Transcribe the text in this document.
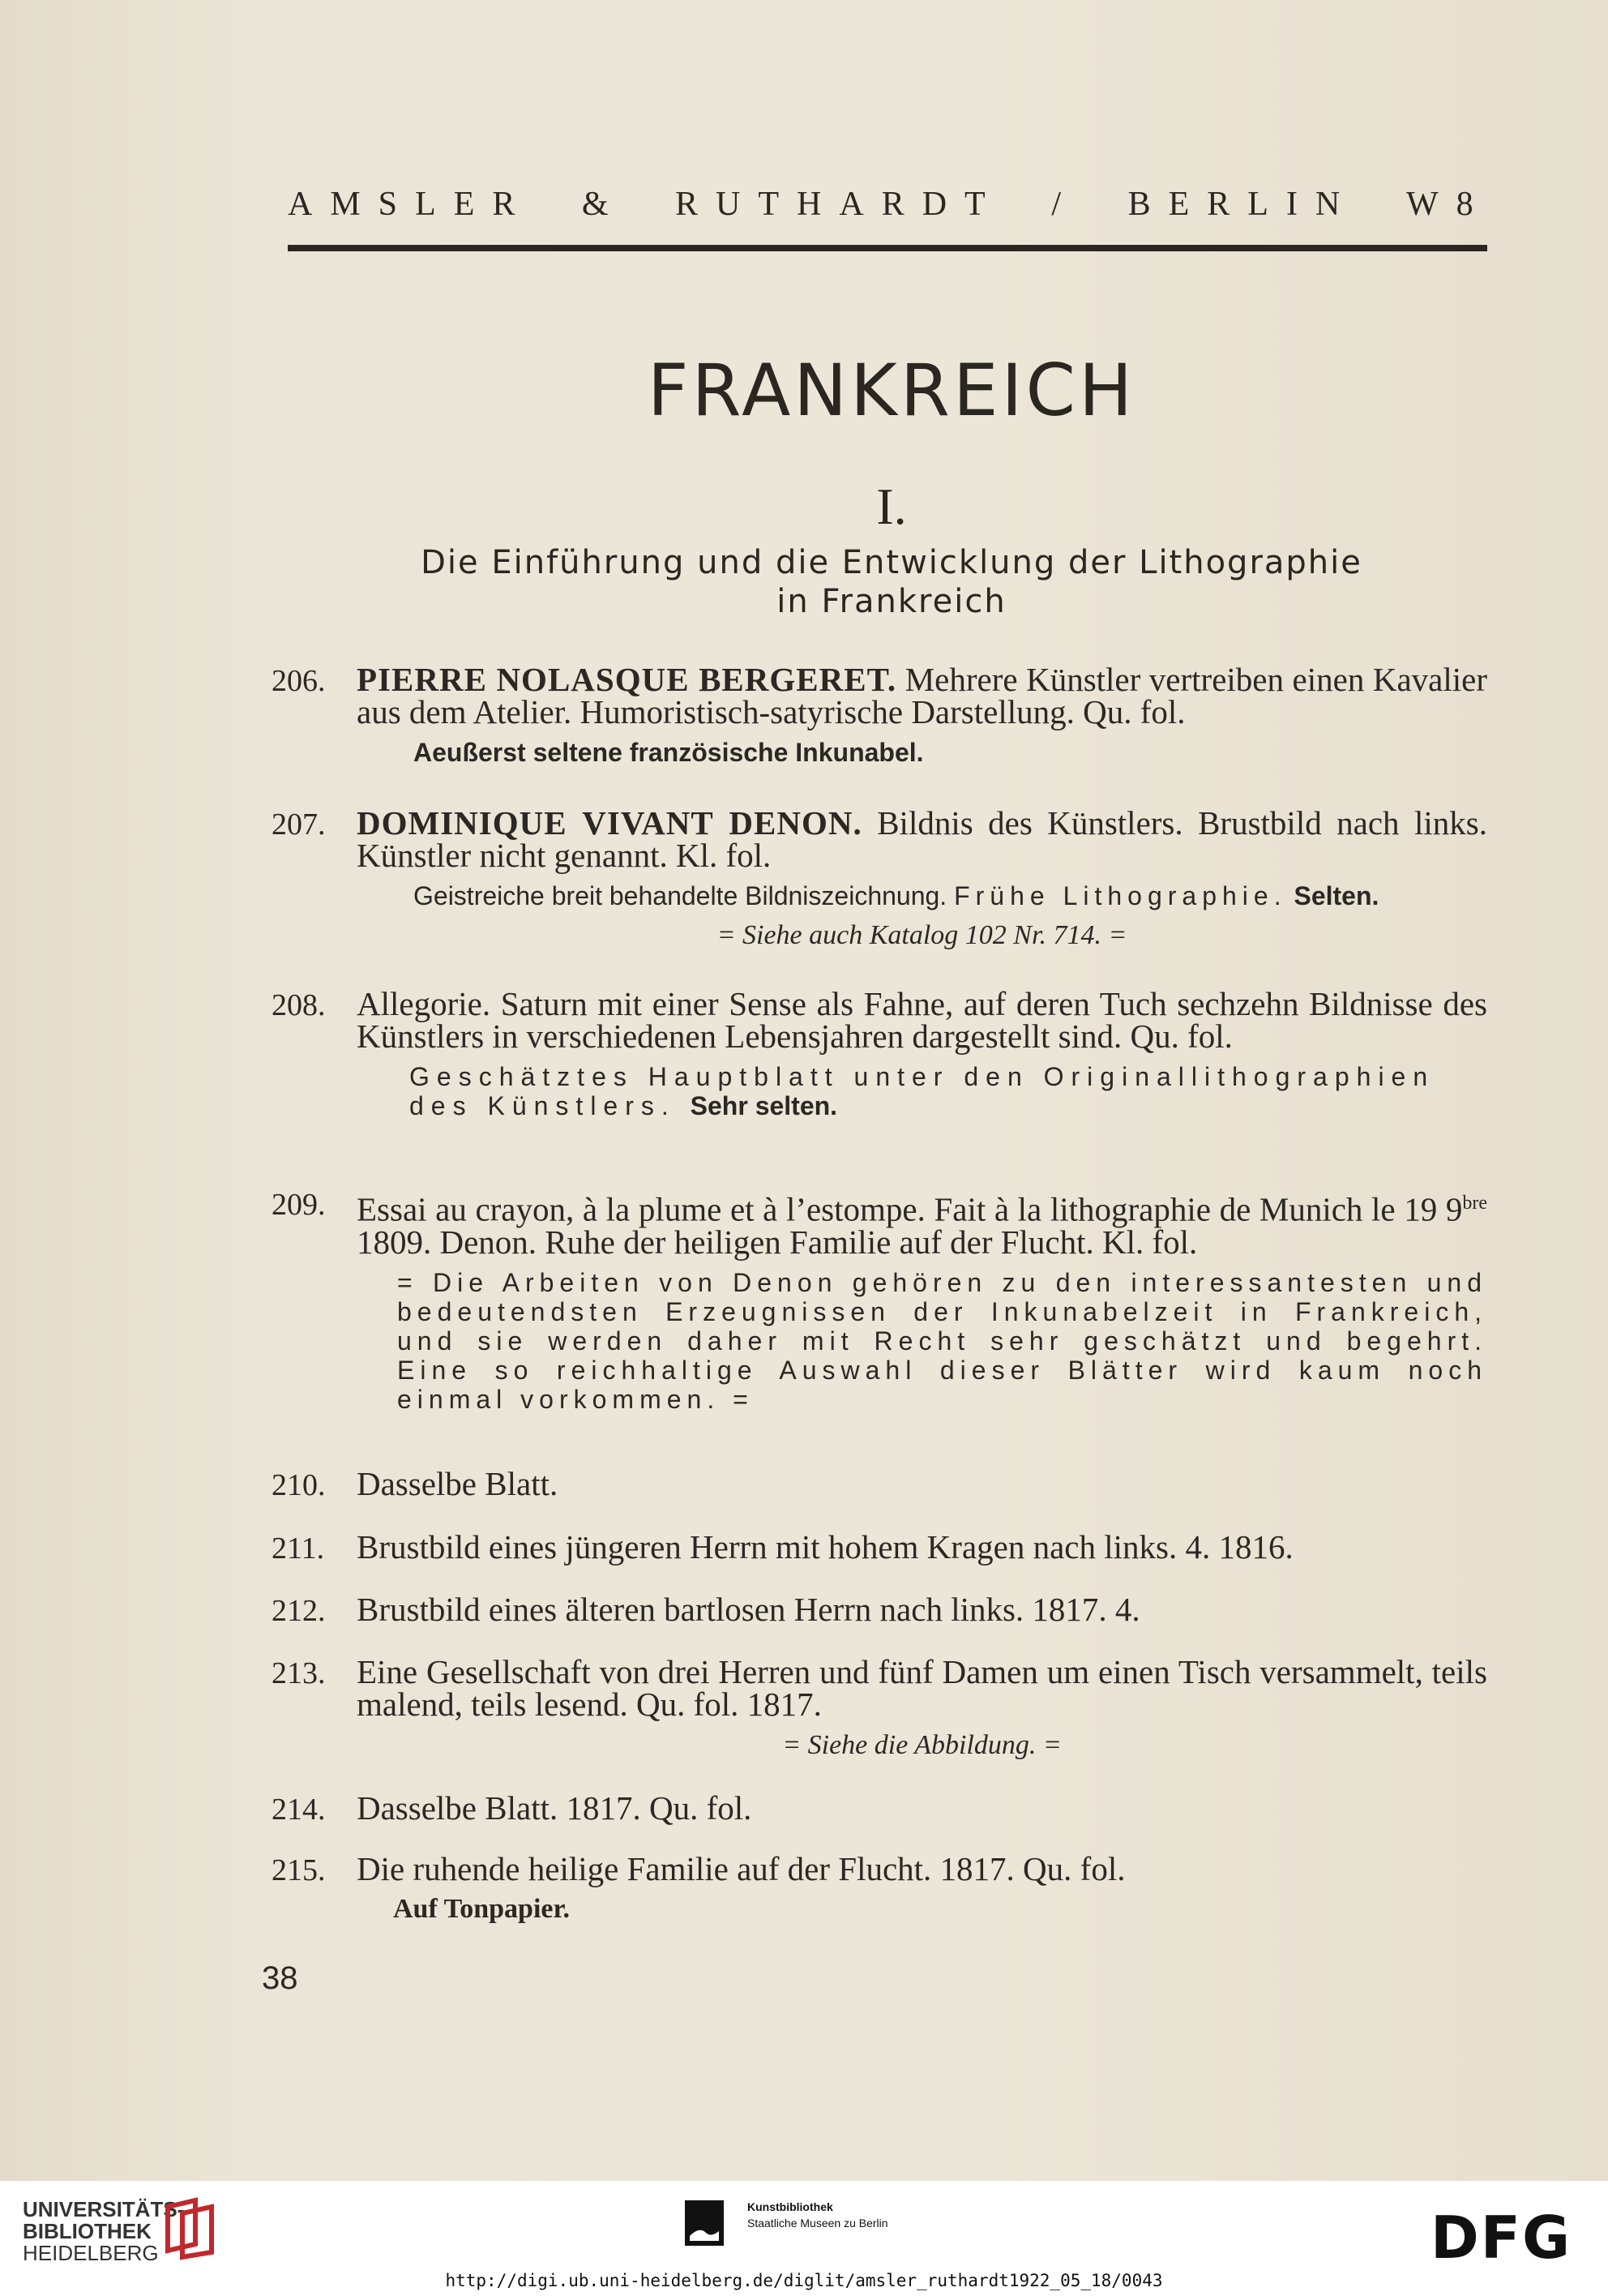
AMSLER & RUTHARDT / BERLIN W8
FRANKREICH
I.
Die Einführung und die Entwicklung der Lithographie
in Frankreich
206. PIERRE NOLASQUE BERGERET. Mehrere Künstler vertreiben einen Kavalier aus dem Atelier. Humoristisch-satyrische Darstellung. Qu. fol.
Aeußerst seltene französische Inkunabel.
207. DOMINIQUE VIVANT DENON. Bildnis des Künstlers. Brustbild nach links. Künstler nicht genannt. Kl. fol.
Geistreiche breit behandelte Bildniszeichnung. Frühe Lithographie. Selten.
= Siehe auch Katalog 102 Nr. 714. =
208. Allegorie. Saturn mit einer Sense als Fahne, auf deren Tuch sechzehn Bildnisse des Künstlers in verschiedenen Lebensjahren dargestellt sind. Qu. fol.
Geschätztes Hauptblatt unter den Originallithographien des Künstlers. Sehr selten.
209. Essai au crayon, à la plume et à l’estompe. Fait à la lithographie de Munich le 19 $9^{bre}$ 1809. Denon. Ruhe der heiligen Familie auf der Flucht. Kl. fol.
= Die Arbeiten von Denon gehören zu den interessantesten und bedeutendsten Erzeugnissen der Inkunabelzeit in Frankreich, und sie werden daher mit Recht sehr geschätzt und begehrt. Eine so reichhaltige Auswahl dieser Blätter wird kaum noch einmal vorkommen. =
210. Dasselbe Blatt.
211. Brustbild eines jüngeren Herrn mit hohem Kragen nach links. 4. 1816.
212. Brustbild eines älteren bartlosen Herrn nach links. 1817. 4.
213. Eine Gesellschaft von drei Herren und fünf Damen um einen Tisch versammelt, teils malend, teils lesend. Qu. fol. 1817.
= Siehe die Abbildung. =
214. Dasselbe Blatt. 1817. Qu. fol.
215. Die ruhende heilige Familie auf der Flucht. 1817. Qu. fol.
Auf Tonpapier.
38
UNIVERSITÄTS-
BIBLIOTHEK
HEIDELBERG
Kunstbibliothek
Staatliche Museen zu Berlin	DFG
http://digi.ub.uni-heidelberg.de/diglit/amsler_ruthardt1922_05_18/0043
